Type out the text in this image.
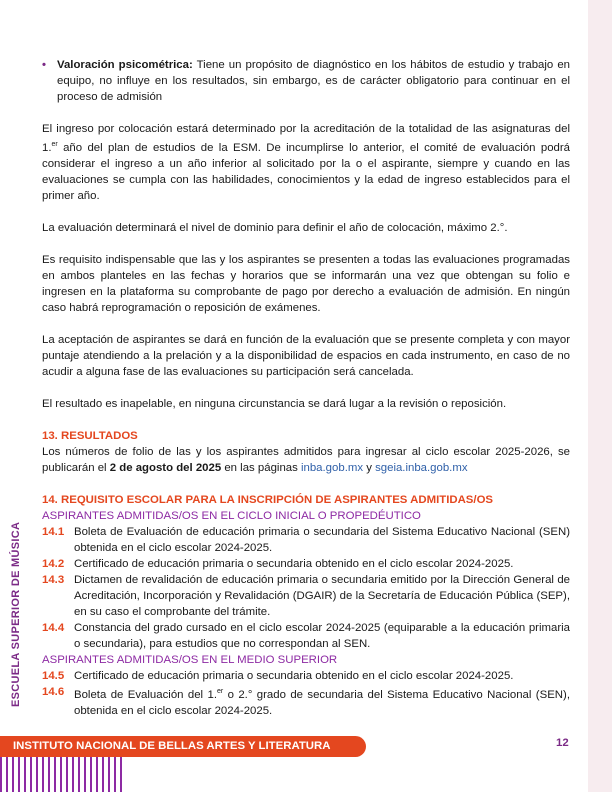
• Valoración psicométrica: Tiene un propósito de diagnóstico en los hábitos de estudio y trabajo en equipo, no influye en los resultados, sin embargo, es de carácter obligatorio para continuar en el proceso de admisión

El ingreso por colocación estará determinado por la acreditación de la totalidad de las asignaturas del 1.$^{er}$ año del plan de estudios de la ESM. De incumplirse lo anterior, el comité de evaluación podrá considerar el ingreso a un año inferior al solicitado por la o el aspirante, siempre y cuando en las evaluaciones se cumpla con las habilidades, conocimientos y la edad de ingreso establecidos para el primer año.

La evaluación determinará el nivel de dominio para definir el año de colocación, máximo 2.°.

Es requisito indispensable que las y los aspirantes se presenten a todas las evaluaciones programadas en ambos planteles en las fechas y horarios que se informarán una vez que obtengan su folio e ingresen en la plataforma su comprobante de pago por derecho a evaluación de admisión. En ningún caso habrá reprogramación o reposición de exámenes.

La aceptación de aspirantes se dará en función de la evaluación que se presente completa y con mayor puntaje atendiendo a la prelación y a la disponibilidad de espacios en cada instrumento, en caso de no acudir a alguna fase de las evaluaciones su participación será cancelada.

El resultado es inapelable, en ninguna circunstancia se dará lugar a la revisión o reposición.

13. RESULTADOS

Los números de folio de las y los aspirantes admitidos para ingresar al ciclo escolar 2025-2026, se publicarán el 2 de agosto del 2025 en las páginas inba.gob.mx y sgeia.inba.gob.mx

14. REQUISITO ESCOLAR PARA LA INSCRIPCIÓN DE ASPIRANTES ADMITIDAS/OS

ASPIRANTES ADMITIDAS/OS EN EL CICLO INICIAL O PROPEDÉUTICO

14.1 Boleta de Evaluación de educación primaria o secundaria del Sistema Educativo Nacional (SEN) obtenida en el ciclo escolar 2024-2025.
14.2 Certificado de educación primaria o secundaria obtenido en el ciclo escolar 2024-2025.
14.3 Dictamen de revalidación de educación primaria o secundaria emitido por la Dirección General de Acreditación, Incorporación y Revalidación (DGAIR) de la Secretaría de Educación Pública (SEP), en su caso el comprobante del trámite.
14.4 Constancia del grado cursado en el ciclo escolar 2024-2025 (equiparable a la educación primaria o secundaria), para estudios que no correspondan al SEN.

ASPIRANTES ADMITIDAS/OS EN EL MEDIO SUPERIOR

14.5 Certificado de educación primaria o secundaria obtenido en el ciclo escolar 2024-2025.
14.6 Boleta de Evaluación del 1.$^{er}$ o 2.° grado de secundaria del Sistema Educativo Nacional (SEN), obtenida en el ciclo escolar 2024-2025.
ESCUELA SUPERIOR DE MÚSICA
INSTITUTO NACIONAL DE BELLAS ARTES Y LITERATURA	12
